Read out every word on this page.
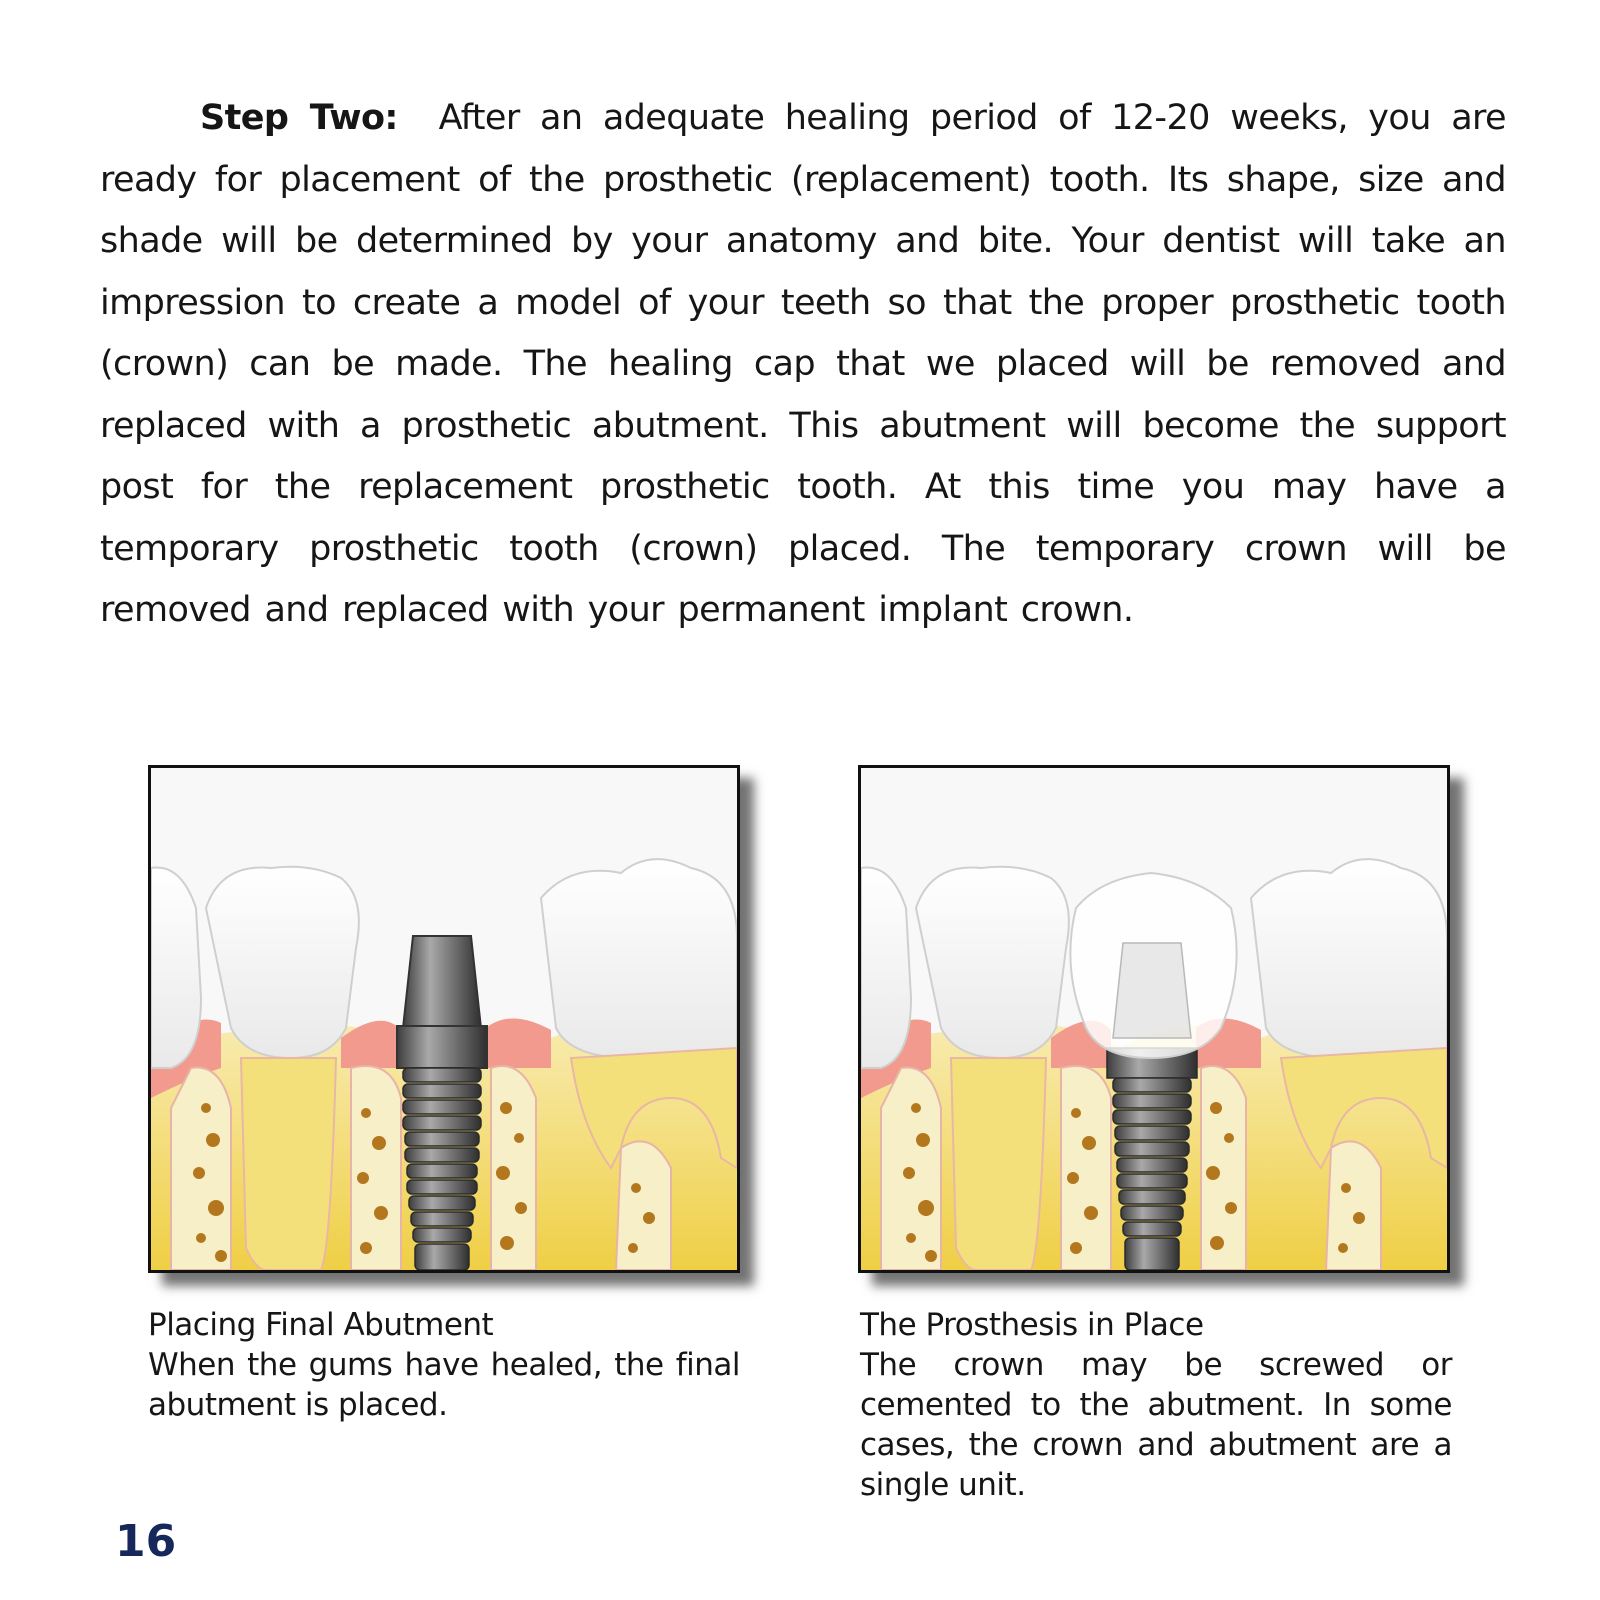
Step Two: After an adequate healing period of 12-20 weeks, you are ready for placement of the prosthetic (replacement) tooth. Its shape, size and shade will be determined by your anatomy and bite. Your dentist will take an impression to create a model of your teeth so that the proper prosthetic tooth (crown) can be made. The healing cap that we placed will be removed and replaced with a prosthetic abutment. This abutment will become the support post for the replacement prosthetic tooth. At this time you may have a temporary prosthetic tooth (crown) placed. The temporary crown will be removed and replaced with your permanent implant crown.

Placing Final Abutment
When the gums have healed, the final abutment is placed.
The Prosthesis in Place
The crown may be screwed or cemented to the abutment. In some cases, the crown and abutment are a single unit.
16
